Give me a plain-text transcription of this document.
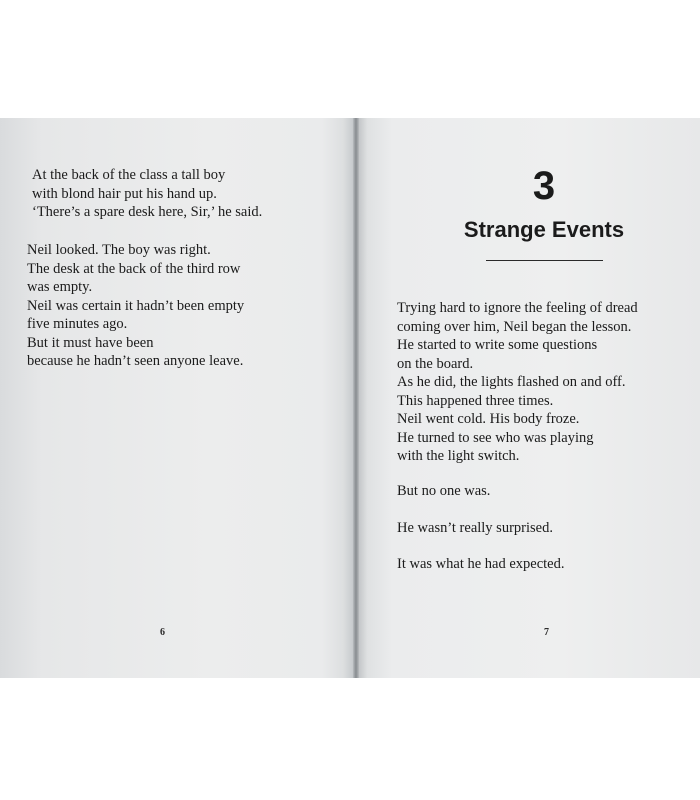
At the back of the class a tall boy
with blond hair put his hand up.
‘There’s a spare desk here, Sir,’ he said.

Neil looked. The boy was right.
The desk at the back of the third row
was empty.
Neil was certain it hadn’t been empty
five minutes ago.
But it must have been
because he hadn’t seen anyone leave.

6
3
Strange Events

Trying hard to ignore the feeling of dread
coming over him, Neil began the lesson.
He started to write some questions
on the board.
As he did, the lights flashed on and off.
This happened three times.
Neil went cold. His body froze.
He turned to see who was playing
with the light switch.

But no one was.

He wasn’t really surprised.

It was what he had expected.

7
